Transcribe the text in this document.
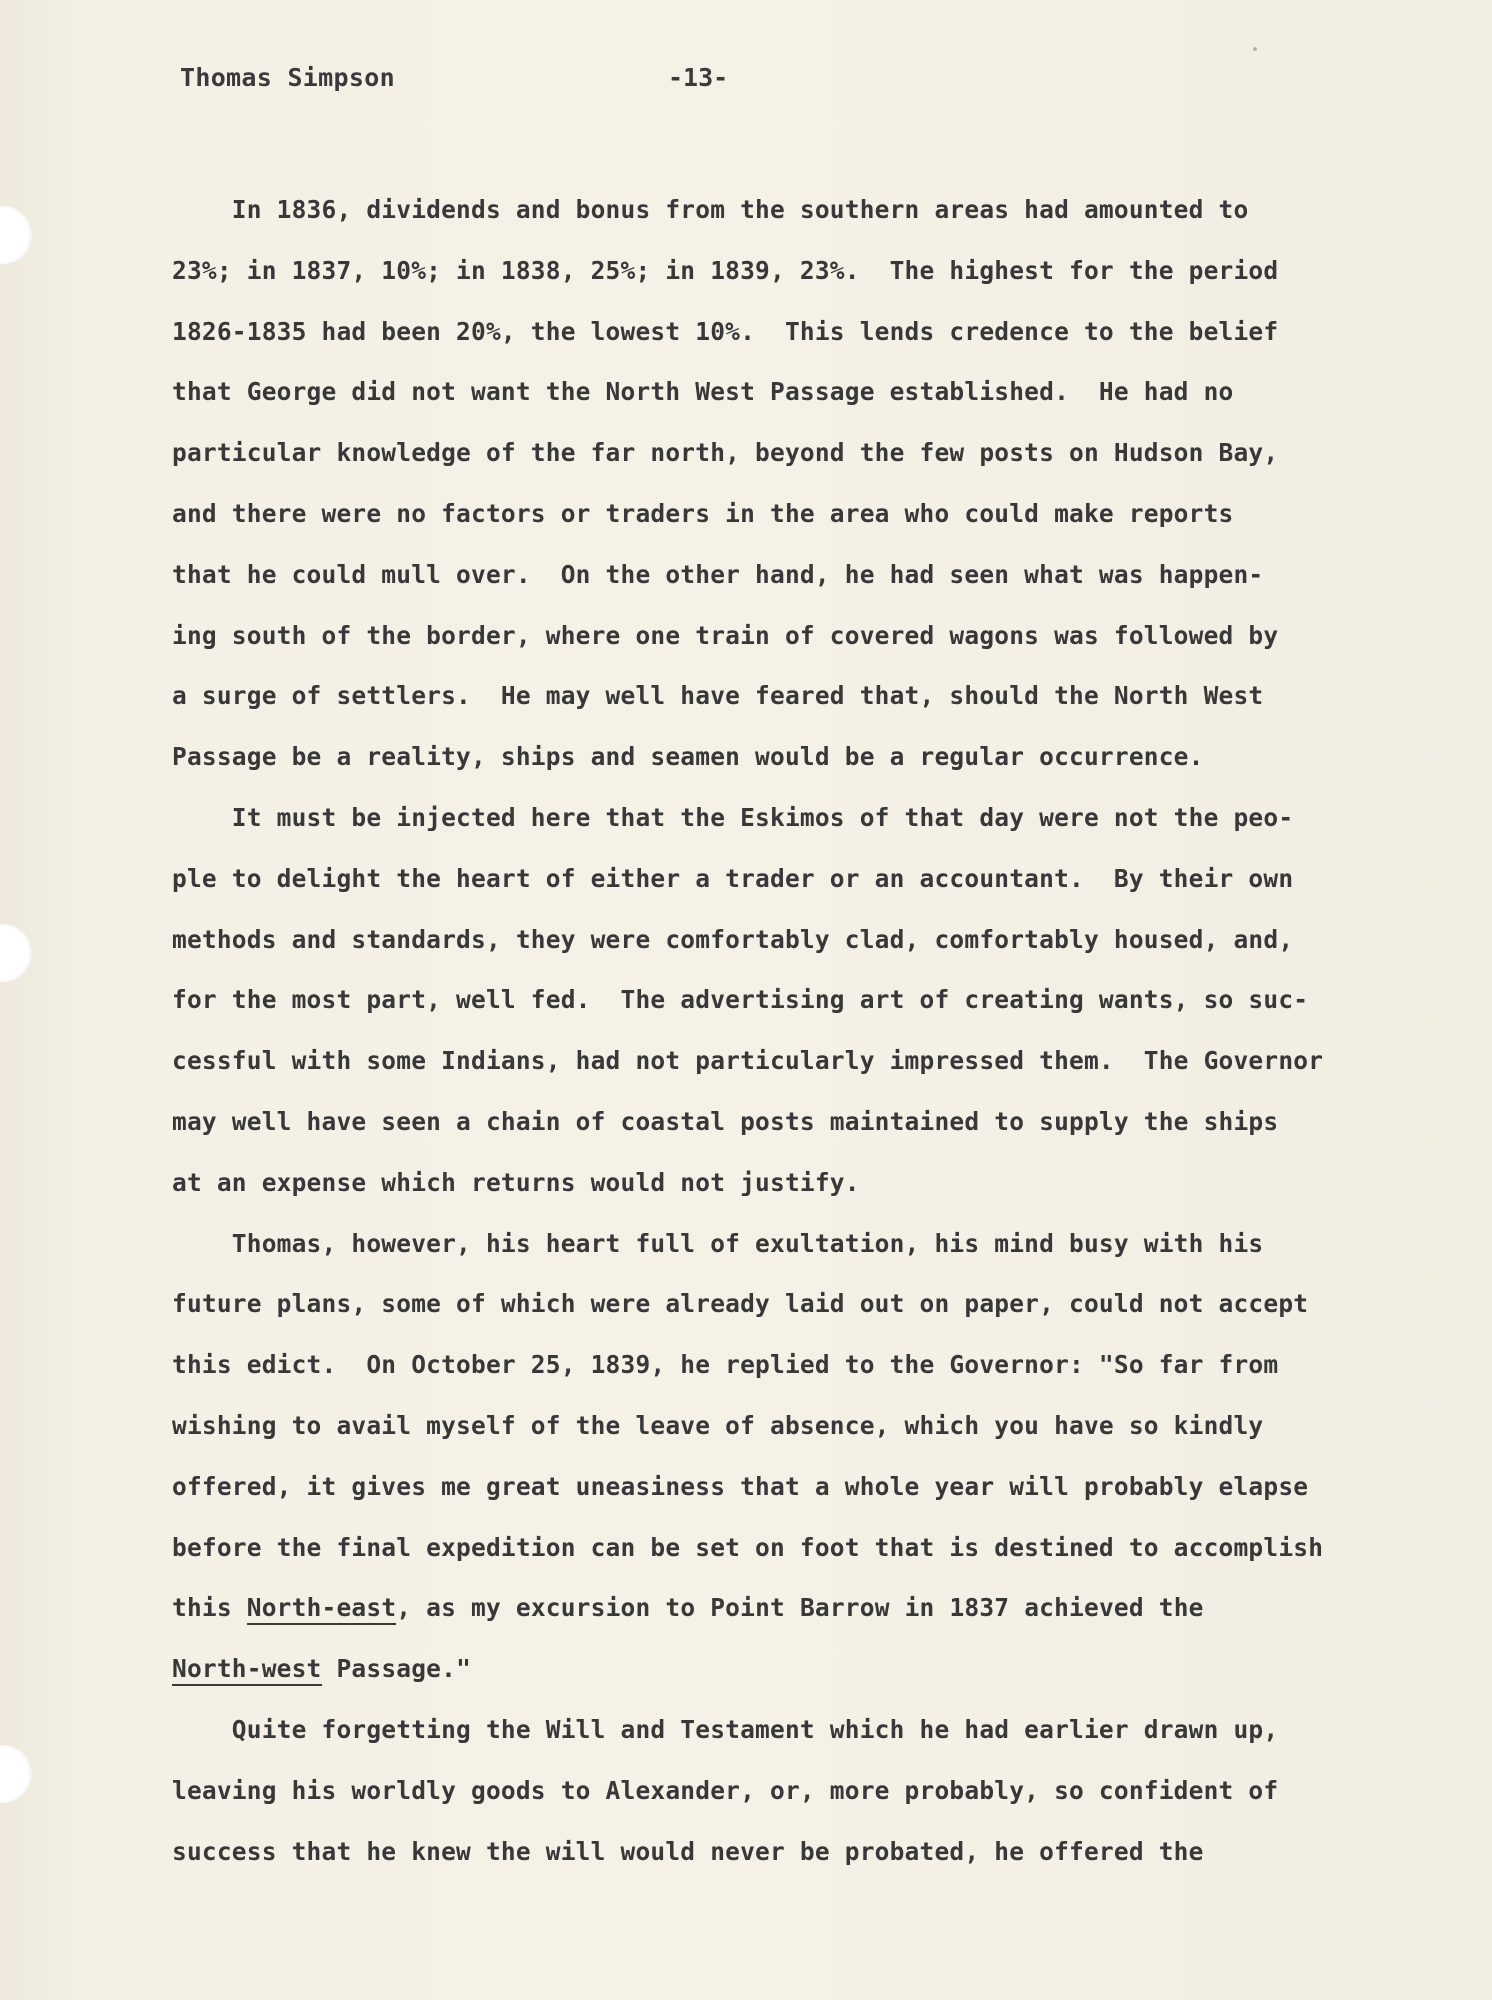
Thomas Simpson	-13-
In 1836, dividends and bonus from the southern areas had amounted to
23%; in 1837, 10%; in 1838, 25%; in 1839, 23%.  The highest for the period
1826-1835 had been 20%, the lowest 10%.  This lends credence to the belief
that George did not want the North West Passage established.  He had no
particular knowledge of the far north, beyond the few posts on Hudson Bay,
and there were no factors or traders in the area who could make reports
that he could mull over.  On the other hand, he had seen what was happen-
ing south of the border, where one train of covered wagons was followed by
a surge of settlers.  He may well have feared that, should the North West
Passage be a reality, ships and seamen would be a regular occurrence.
It must be injected here that the Eskimos of that day were not the peo-
ple to delight the heart of either a trader or an accountant.  By their own
methods and standards, they were comfortably clad, comfortably housed, and,
for the most part, well fed.  The advertising art of creating wants, so suc-
cessful with some Indians, had not particularly impressed them.  The Governor
may well have seen a chain of coastal posts maintained to supply the ships
at an expense which returns would not justify.
Thomas, however, his heart full of exultation, his mind busy with his
future plans, some of which were already laid out on paper, could not accept
this edict.  On October 25, 1839, he replied to the Governor: "So far from
wishing to avail myself of the leave of absence, which you have so kindly
offered, it gives me great uneasiness that a whole year will probably elapse
before the final expedition can be set on foot that is destined to accomplish
this North-east, as my excursion to Point Barrow in 1837 achieved the
North-west Passage."
Quite forgetting the Will and Testament which he had earlier drawn up,
leaving his worldly goods to Alexander, or, more probably, so confident of
success that he knew the will would never be probated, he offered the
